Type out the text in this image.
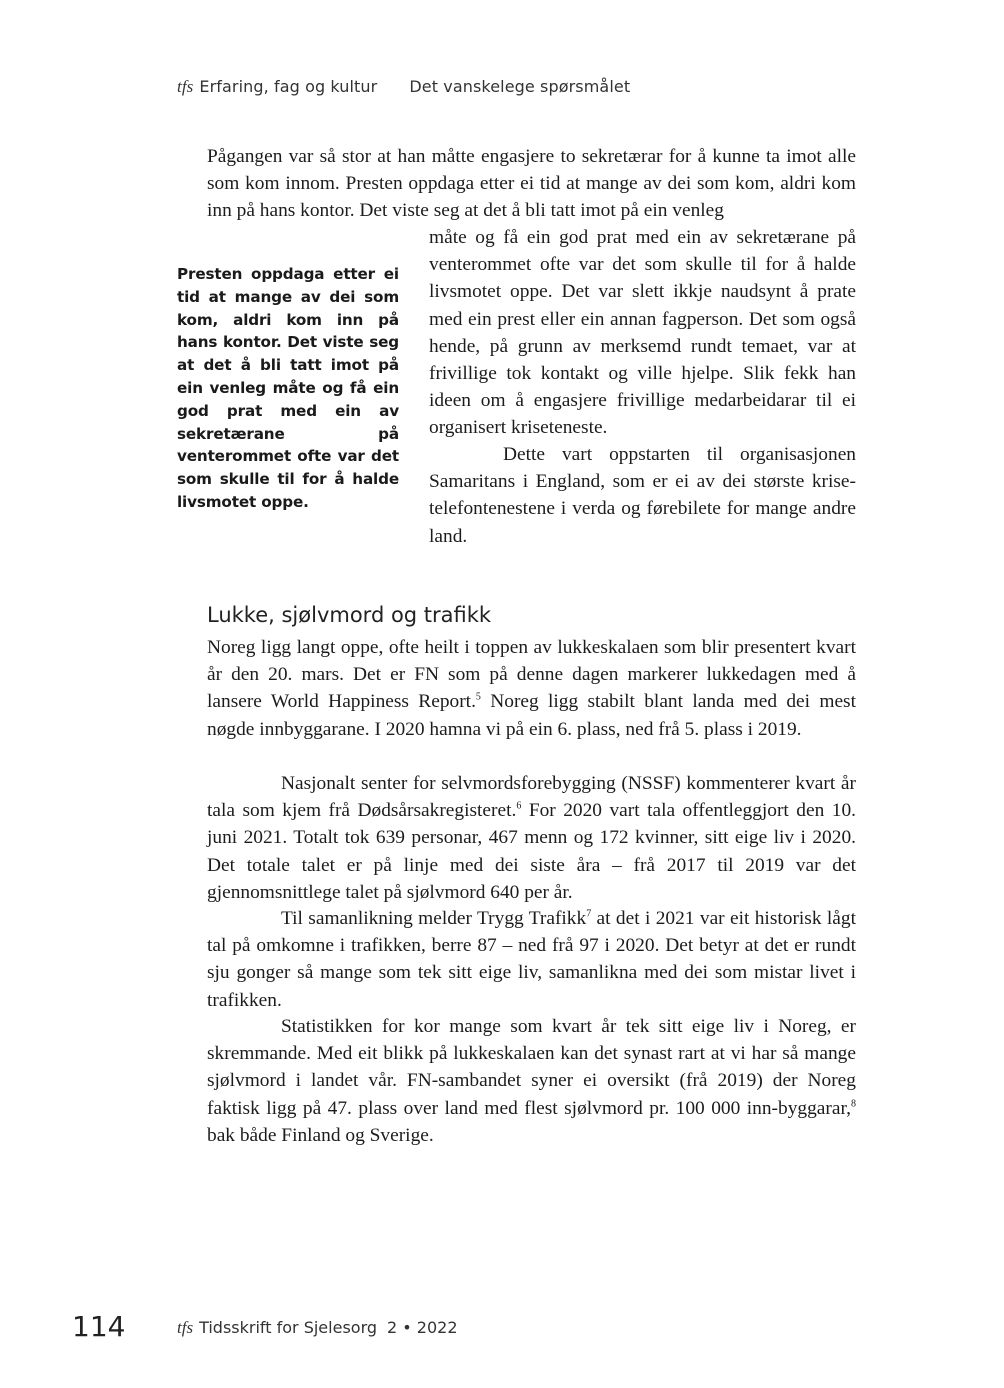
tfs Erfaring, fag og kultur Det vanskelege spørsmålet

Pågangen var så stor at han måtte engasjere to sekretærar for å kunne ta imot alle som kom innom. Presten oppdaga etter ei tid at mange av dei som kom, aldri kom inn på hans kontor. Det viste seg at det å bli tatt imot på ein venleg

Presten oppdaga etter ei tid at mange av dei som kom, aldri kom inn på hans kontor. Det viste seg at det å bli tatt imot på ein venleg måte og få ein god prat med ein av sekretærane på venterommet ofte var det som skulle til for å halde livsmotet oppe.

måte og få ein god prat med ein av sekretærane på venterommet ofte var det som skulle til for å halde livsmotet oppe. Det var slett ikkje naudsynt å prate med ein prest eller ein annan fagperson. Det som også hende, på grunn av merksemd rundt temaet, var at frivillige tok kontakt og ville hjelpe. Slik fekk han ideen om å engasjere frivillige medarbeidarar til ei organisert kriseteneste.

Dette vart oppstarten til organisasjonen Samaritans i England, som er ei av dei største krise-telefontenestene i verda og førebilete for mange andre land.

Lukke, sjølvmord og trafikk

Noreg ligg langt oppe, ofte heilt i toppen av lukkeskalaen som blir presentert kvart år den 20. mars. Det er FN som på denne dagen markerer lukkedagen med å lansere World Happiness Report.$^5$ Noreg ligg stabilt blant landa med dei mest nøgde innbyggarane. I 2020 hamna vi på ein 6. plass, ned frå 5. plass i 2019.

Nasjonalt senter for selvmordsforebygging (NSSF) kommenterer kvart år tala som kjem frå Dødsårsakregisteret.$^6$ For 2020 vart tala offentleggjort den 10. juni 2021. Totalt tok 639 personar, 467 menn og 172 kvinner, sitt eige liv i 2020. Det totale talet er på linje med dei siste åra – frå 2017 til 2019 var det gjennomsnittlege talet på sjølvmord 640 per år.

Til samanlikning melder Trygg Trafikk$^7$ at det i 2021 var eit historisk lågt tal på omkomne i trafikken, berre 87 – ned frå 97 i 2020. Det betyr at det er rundt sju gonger så mange som tek sitt eige liv, samanlikna med dei som mistar livet i trafikken.

Statistikken for kor mange som kvart år tek sitt eige liv i Noreg, er skremmande. Med eit blikk på lukkeskalaen kan det synast rart at vi har så mange sjølvmord i landet vår. FN-sambandet syner ei oversikt (frå 2019) der Noreg faktisk ligg på 47. plass over land med flest sjølvmord pr. 100 000 inn-byggarar,$^8$ bak både Finland og Sverige.

114	tfs Tidsskrift for Sjelesorg 2 • 2022
